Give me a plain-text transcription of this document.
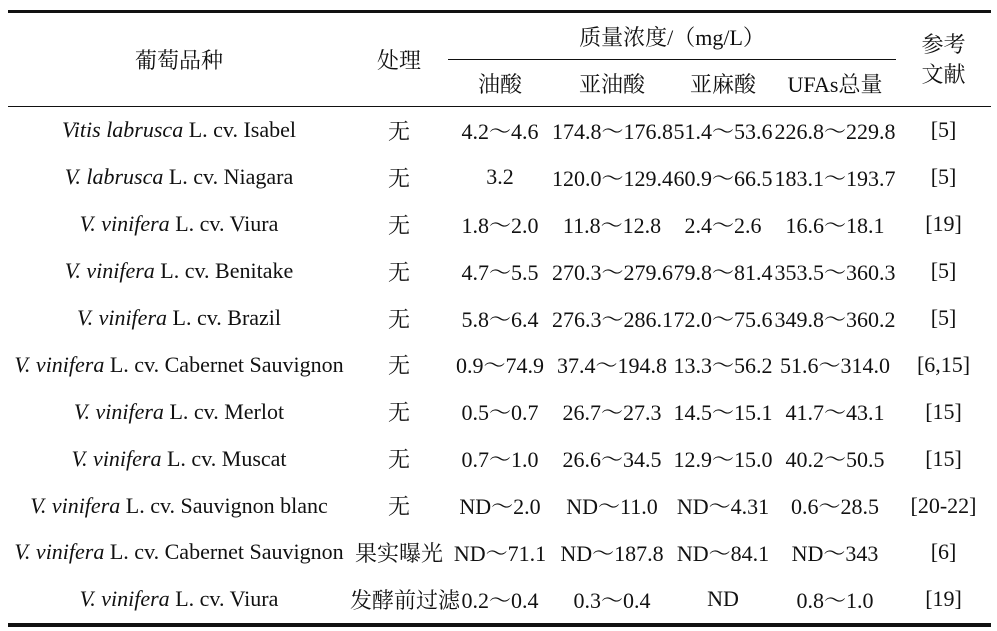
葡萄品种	处理	质量浓度/（mg/L）				参考
文献
		油酸	亚油酸	亚麻酸	UFAs总量	
Vitis labrusca L. cv. Isabel	无	4.2～4.6	174.8～176.8	51.4～53.6	226.8～229.8	[5]
V. labrusca L. cv. Niagara	无	3.2	120.0～129.4	60.9～66.5	183.1～193.7	[5]
V. vinifera L. cv. Viura	无	1.8～2.0	11.8～12.8	2.4～2.6	16.6～18.1	[19]
V. vinifera L. cv. Benitake	无	4.7～5.5	270.3～279.6	79.8～81.4	353.5～360.3	[5]
V. vinifera L. cv. Brazil	无	5.8～6.4	276.3～286.1	72.0～75.6	349.8～360.2	[5]
V. vinifera L. cv. Cabernet Sauvignon	无	0.9～74.9	37.4～194.8	13.3～56.2	51.6～314.0	[6,15]
V. vinifera L. cv. Merlot	无	0.5～0.7	26.7～27.3	14.5～15.1	41.7～43.1	[15]
V. vinifera L. cv. Muscat	无	0.7～1.0	26.6～34.5	12.9～15.0	40.2～50.5	[15]
V. vinifera L. cv. Sauvignon blanc	无	ND～2.0	ND～11.0	ND～4.31	0.6～28.5	[20-22]
V. vinifera L. cv. Cabernet Sauvignon	果实曝光	ND～71.1	ND～187.8	ND～84.1	ND～343	[6]
V. vinifera L. cv. Viura	发酵前过滤	0.2～0.4	0.3～0.4	ND	0.8～1.0	[19]
